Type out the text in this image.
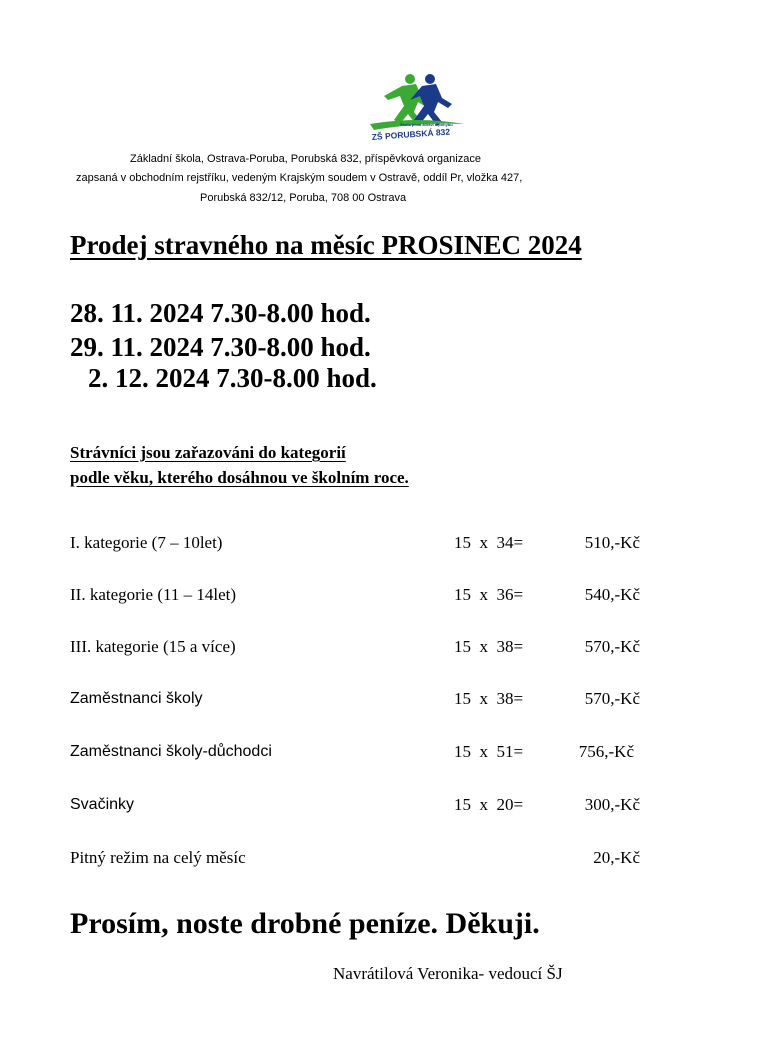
Škola pená zdraví a pohybu
ZŠ PORUBSKÁ 832
Základní škola, Ostrava-Poruba, Porubská 832, příspěvková organizace
zapsaná v obchodním rejstříku, vedeným Krajským soudem v Ostravě, oddíl Pr, vložka 427,
Porubská 832/12, Poruba, 708 00 Ostrava
Prodej stravného na měsíc PROSINEC 2024
28. 11. 2024 7.30-8.00 hod.
29. 11. 2024 7.30-8.00 hod.
2. 12. 2024 7.30-8.00 hod.
Strávníci jsou zařazováni do kategorií
podle věku, kterého dosáhnou ve školním roce.
I. kategorie (7 – 10let)	15  x  34=	510,-Kč
II. kategorie (11 – 14let)	15  x  36=	540,-Kč
III. kategorie (15 a více)	15  x  38=	570,-Kč
Zaměstnanci školy	15  x  38=	570,-Kč
Zaměstnanci školy-důchodci	15  x  51=	756,-Kč
Svačinky	15  x  20=	300,-Kč
Pitný režim na celý měsíc	20,-Kč
Prosím, noste drobné peníze. Děkuji.
Navrátilová Veronika- vedoucí ŠJ
